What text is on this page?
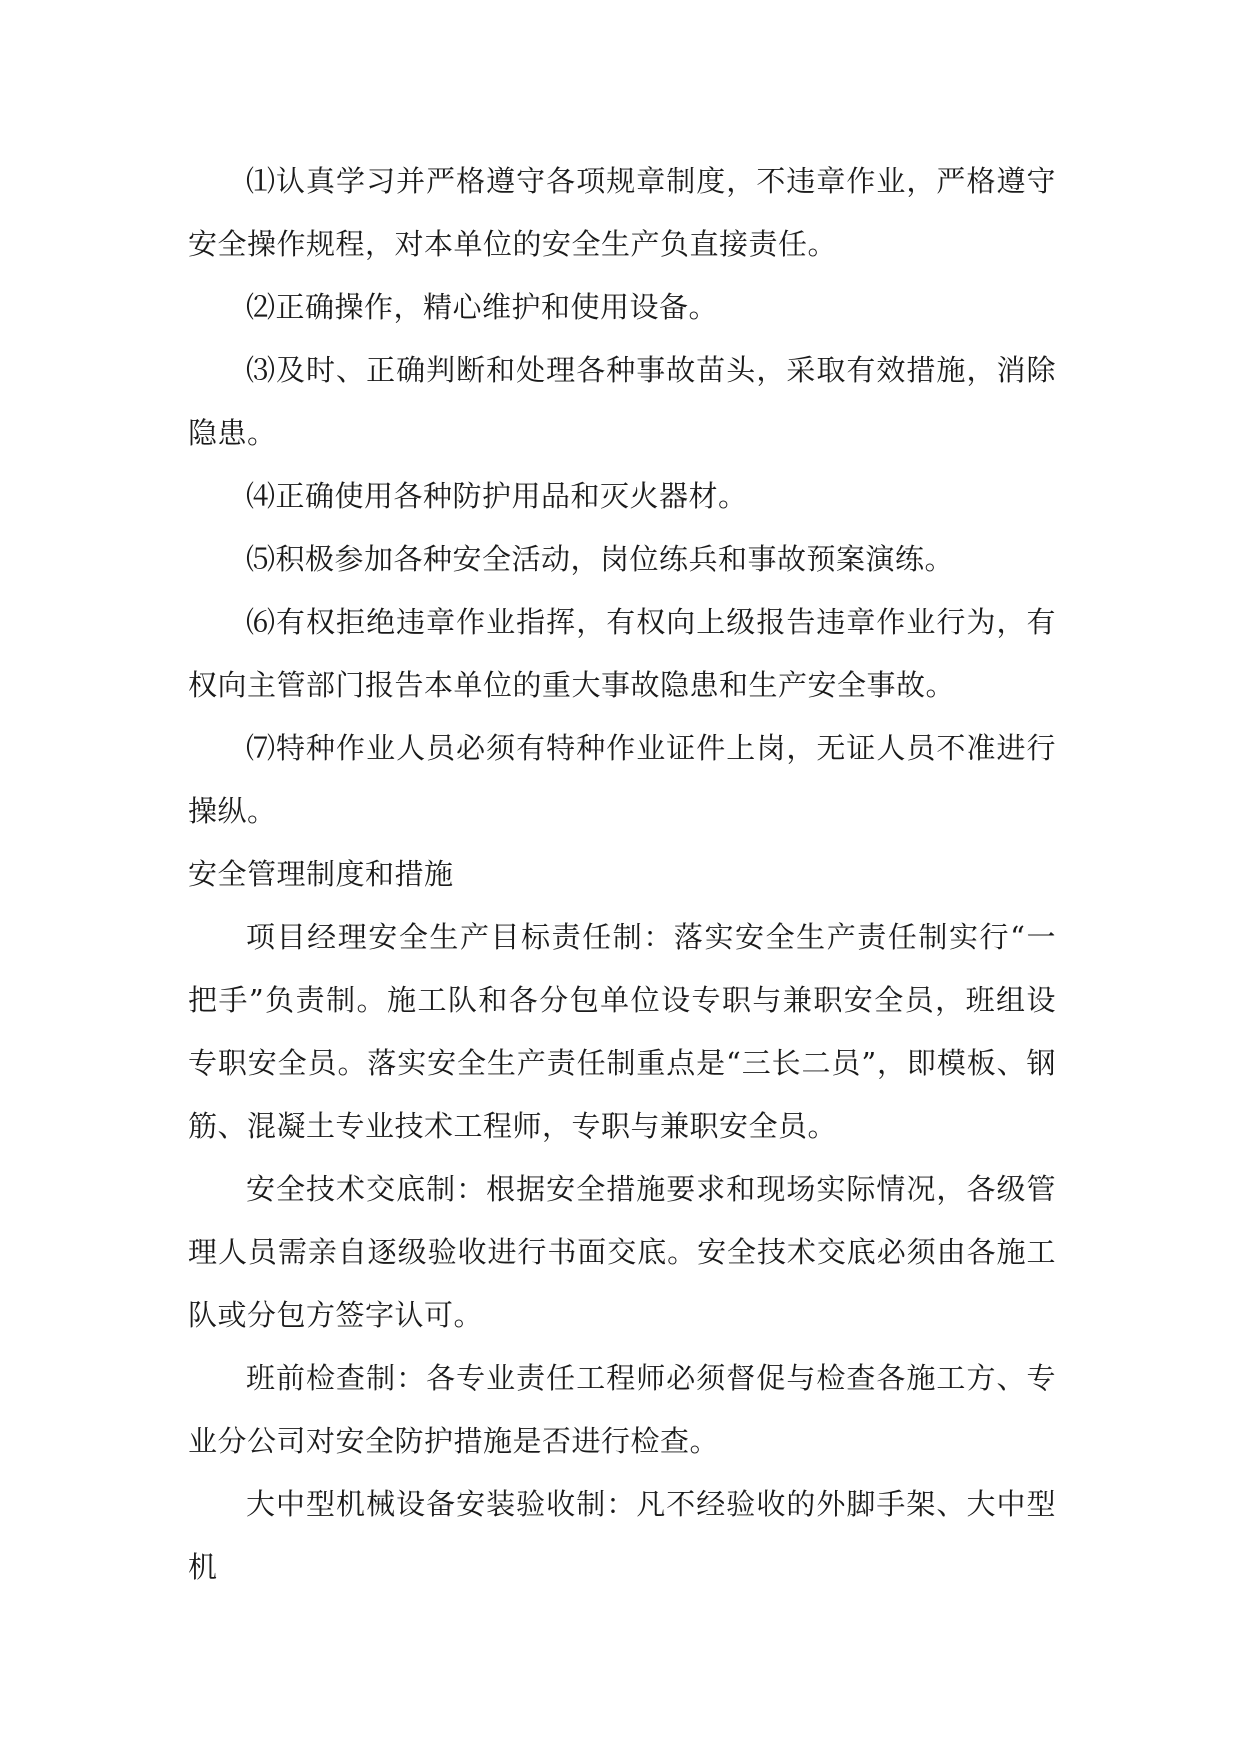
⑴认真学习并严格遵守各项规章制度，不违章作业，严格遵守安全操作规程，对本单位的安全生产负直接责任。

⑵正确操作，精心维护和使用设备。

⑶及时、正确判断和处理各种事故苗头，采取有效措施，消除隐患。

⑷正确使用各种防护用品和灭火器材。

⑸积极参加各种安全活动，岗位练兵和事故预案演练。

⑹有权拒绝违章作业指挥，有权向上级报告违章作业行为，有权向主管部门报告本单位的重大事故隐患和生产安全事故。

⑺特种作业人员必须有特种作业证件上岗，无证人员不准进行操纵。

安全管理制度和措施

项目经理安全生产目标责任制：落实安全生产责任制实行“一把手”负责制。施工队和各分包单位设专职与兼职安全员，班组设专职安全员。落实安全生产责任制重点是“三长二员”，即模板、钢筋、混凝土专业技术工程师，专职与兼职安全员。

安全技术交底制：根据安全措施要求和现场实际情况，各级管理人员需亲自逐级验收进行书面交底。安全技术交底必须由各施工队或分包方签字认可。

班前检查制：各专业责任工程师必须督促与检查各施工方、专业分公司对安全防护措施是否进行检查。

大中型机械设备安装验收制：凡不经验收的外脚手架、大中型机
